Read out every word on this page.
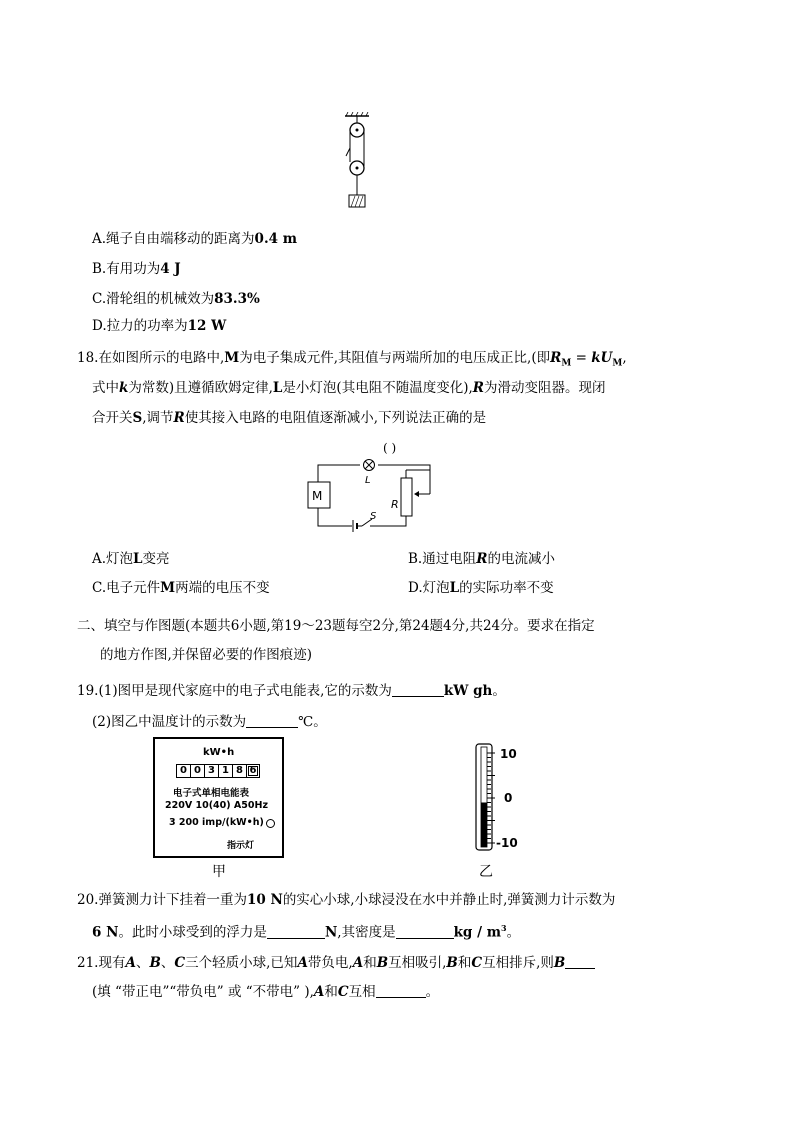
A.绳子自由端移动的距离为0.4 m
B.有用功为4 J
C.滑轮组的机械效为83.3%
D.拉力的功率为12 W
18.在如图所示的电路中,M为电子集成元件,其阻值与两端所加的电压成正比,(即$R_M = kU_M$,
式中k为常数)且遵循欧姆定律,L是小灯泡(其电阻不随温度变化),R为滑动变阻器。现闭
合开关S,调节R使其接入电路的电阻值逐渐减小,下列说法正确的是
( )
M
L
R
S
A.灯泡L变亮	B.通过电阻R的电流减小
C.电子元件M两端的电压不变	D.灯泡L的实际功率不变
二、填空与作图题(本题共6小题,第19～23题每空2分,第24题4分,共24分。要求在指定
的地方作图,并保留必要的作图痕迹)
19.(1)图甲是现代家庭中的电子式电能表,它的示数为	kW gh。
(2)图乙中温度计的示数为	℃。
kW•h
0 0 3 1 8 6
电子式单相电能表
220V 10(40) A50Hz
3 200 imp/(kW•h)
指示灯
甲
10
0
-10
乙
20.弹簧测力计下挂着一重为10 N的实心小球,小球浸没在水中并静止时,弹簧测力计示数为
6 N。此时小球受到的浮力是	N,其密度是	kg / $m^3$。
21.现有A、B、C三个轻质小球,已知A带负电,A和B互相吸引,B和C互相排斥,则B
(填 “带正电”“带负电” 或 “不带电” ),A和C互相	。
